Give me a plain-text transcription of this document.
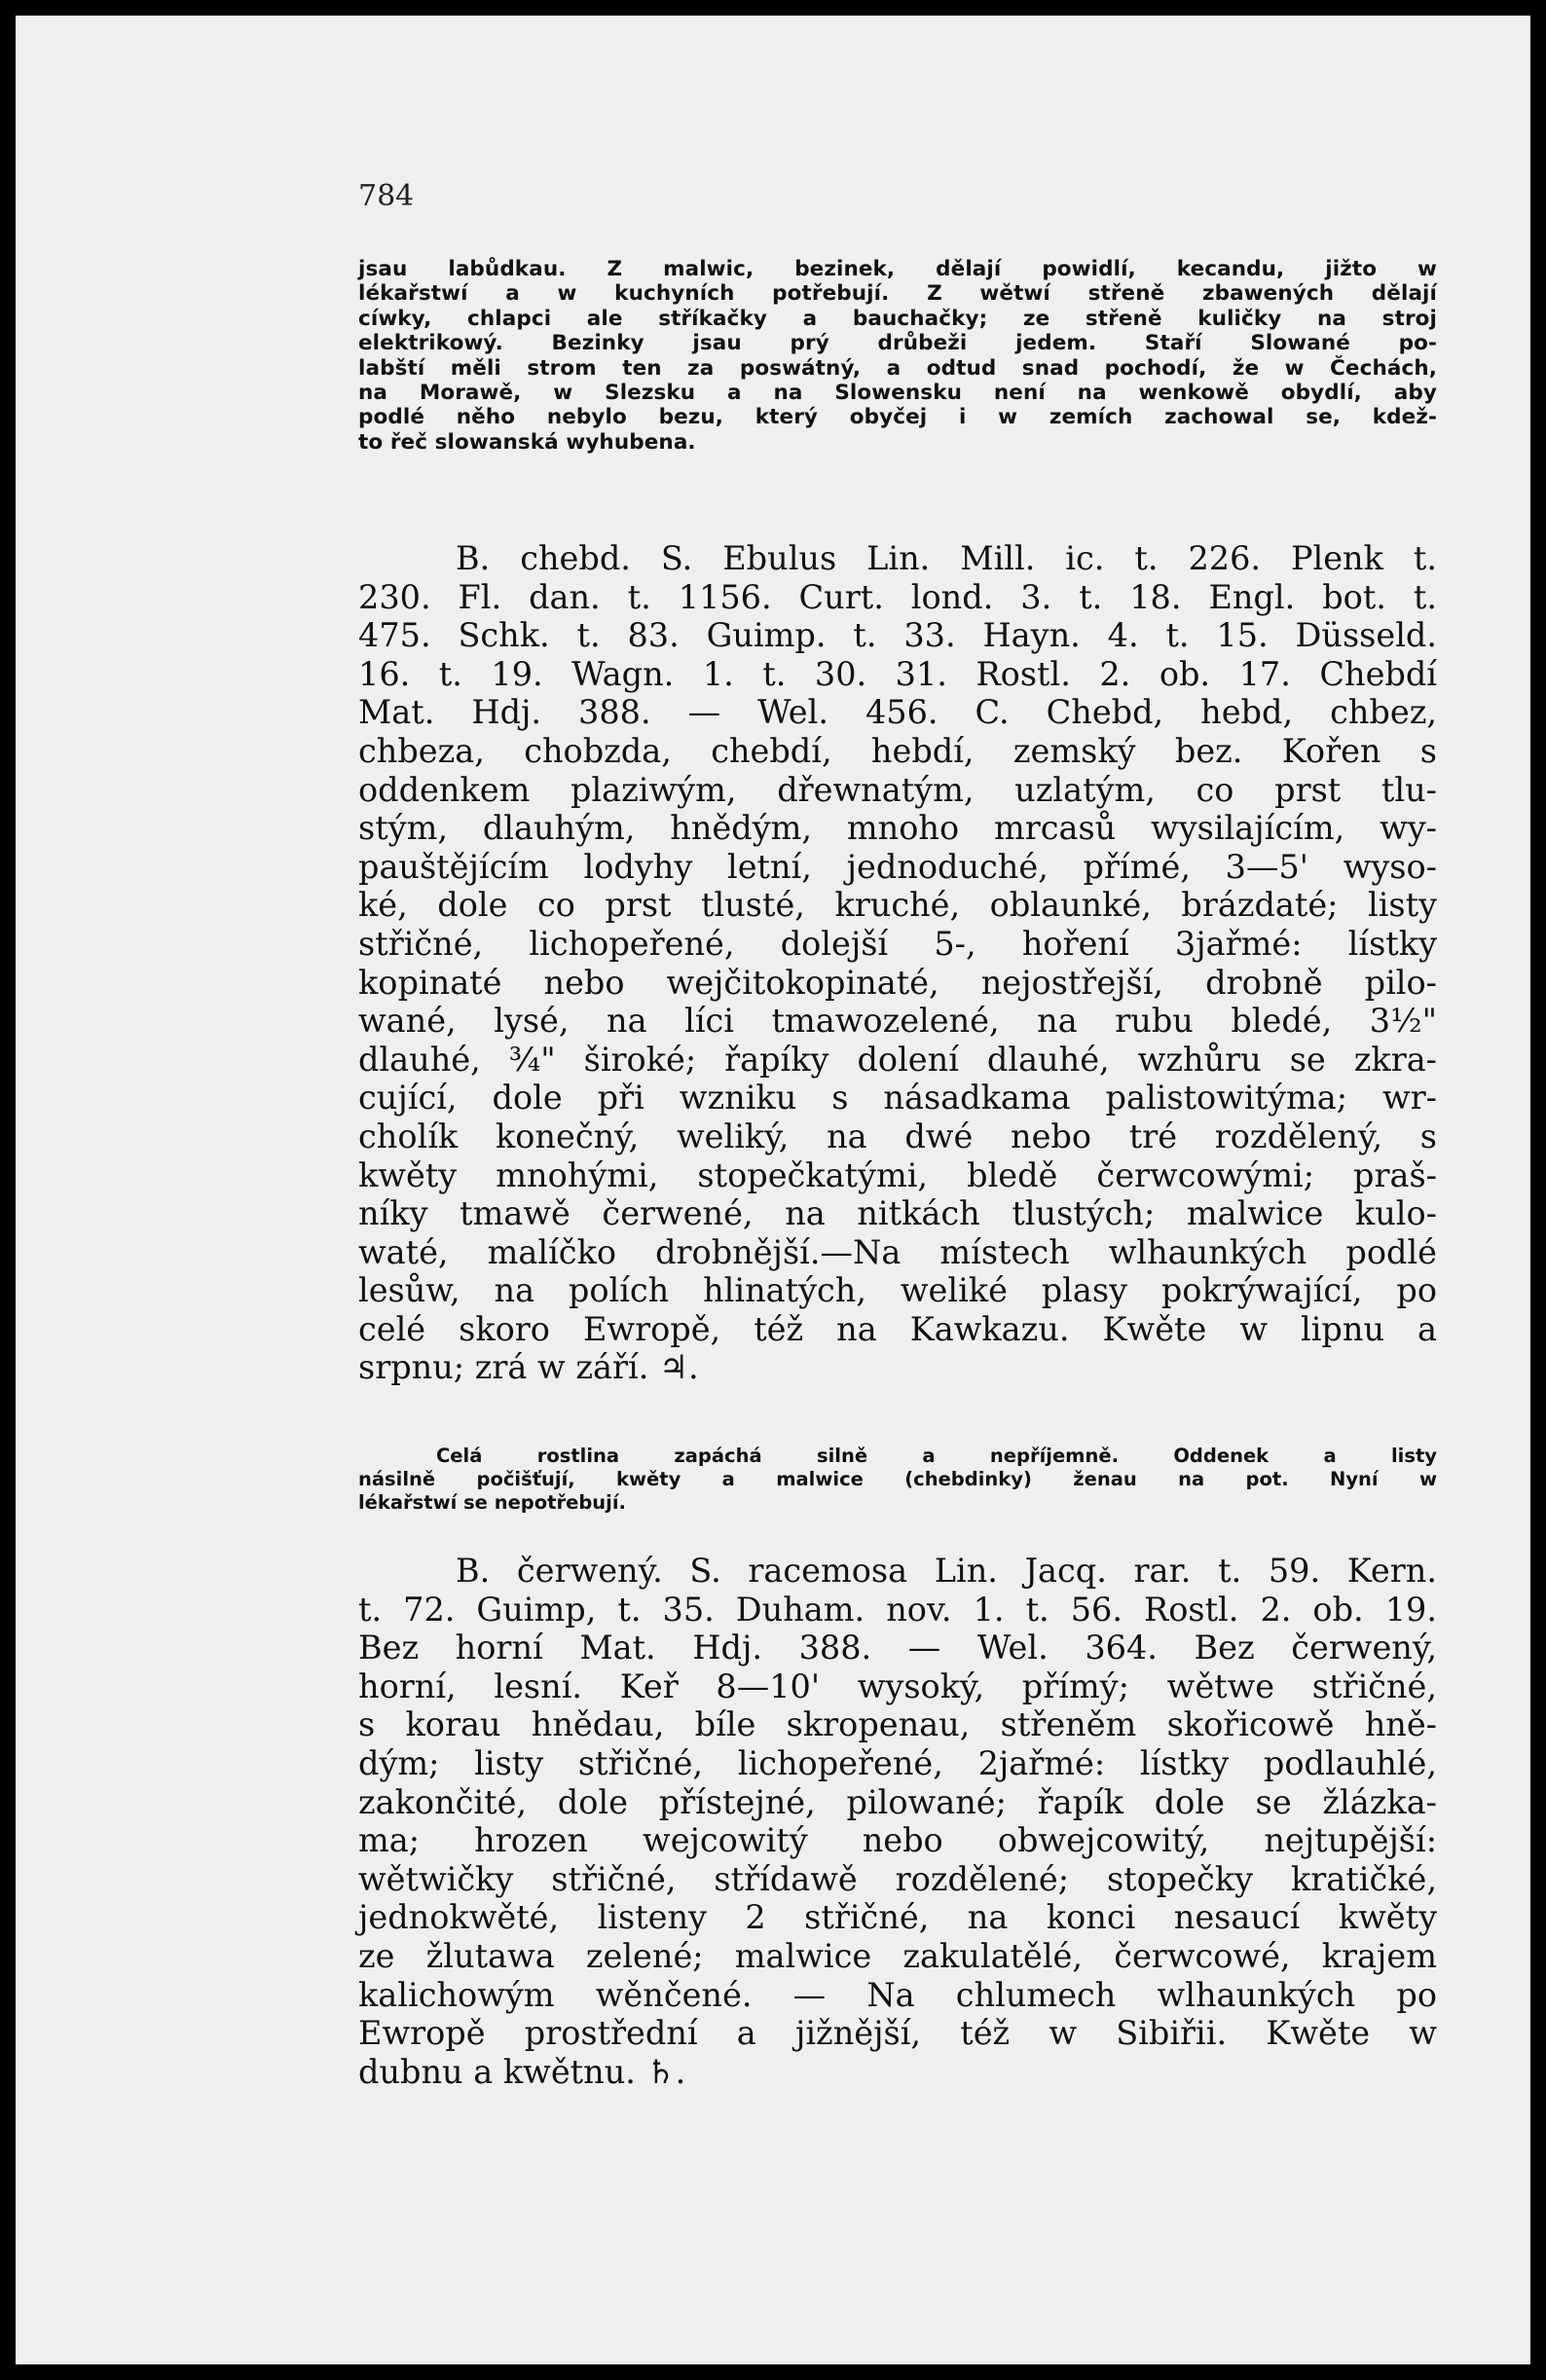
784

jsau labůdkau. Z malwic, bezinek, dělají powidlí, kecandu, jižto w

lékařstwí a w kuchyních potřebují. Z wětwí střeně zbawených dělají

cíwky, chlapci ale stříkačky a bauchačky; ze střeně kuličky na stroj

elektrikowý. Bezinky jsau prý drůbeži jedem. Staří Slowané po-

labští měli strom ten za poswátný, a odtud snad pochodí, že w Čechách,

na Morawě, w Slezsku a na Slowensku není na wenkowě obydlí, aby

podlé něho nebylo bezu, který obyčej i w zemích zachowal se, kdež-

to řeč slowanská wyhubena.

B. chebd. S. Ebulus Lin. Mill. ic. t. 226. Plenk t.

230. Fl. dan. t. 1156. Curt. lond. 3. t. 18. Engl. bot. t.

475. Schk. t. 83. Guimp. t. 33. Hayn. 4. t. 15. Düsseld.

16. t. 19. Wagn. 1. t. 30. 31. Rostl. 2. ob. 17. Chebdí

Mat. Hdj. 388. — Wel. 456. C. Chebd, hebd, chbez,

chbeza, chobzda, chebdí, hebdí, zemský bez. Kořen s

oddenkem plaziwým, dřewnatým, uzlatým, co prst tlu-

stým, dlauhým, hnědým, mnoho mrcasů wysilajícím, wy-

pauštějícím lodyhy letní, jednoduché, přímé, 3—5' wyso-

ké, dole co prst tlusté, kruché, oblaunké, brázdaté; listy

střičné, lichopeřené, dolejší 5-, hoření 3jařmé: lístky

kopinaté nebo wejčitokopinaté, nejostřejší, drobně pilo-

wané, lysé, na líci tmawozelené, na rubu bledé, 3½"

dlauhé, ¾" široké; řapíky dolení dlauhé, wzhůru se zkra-

cující, dole při wzniku s násadkama palistowitýma; wr-

cholík konečný, weliký, na dwé nebo tré rozdělený, s

kwěty mnohými, stopečkatými, bledě čerwcowými; praš-

níky tmawě čerwené, na nitkách tlustých; malwice kulo-

waté, malíčko drobnější.—Na místech wlhaunkých podlé

lesůw, na polích hlinatých, weliké plasy pokrýwající, po

celé skoro Ewropě, též na Kawkazu. Kwěte w lipnu a

srpnu; zrá w září. ♃.

Celá rostlina zapáchá silně a nepříjemně. Oddenek a listy

násilně počišťují, kwěty a malwice (chebdinky) ženau na pot. Nyní w

lékařstwí se nepotřebují.

B. čerwený. S. racemosa Lin. Jacq. rar. t. 59. Kern.

t. 72. Guimp, t. 35. Duham. nov. 1. t. 56. Rostl. 2. ob. 19.

Bez horní Mat. Hdj. 388. — Wel. 364. Bez čerwený,

horní, lesní. Keř 8—10' wysoký, přímý; wětwe střičné,

s korau hnědau, bíle skropenau, střeněm skořicowě hně-

dým; listy střičné, lichopeřené, 2jařmé: lístky podlauhlé,

zakončité, dole přístejné, pilowané; řapík dole se žlázka-

ma; hrozen wejcowitý nebo obwejcowitý, nejtupější:

wětwičky střičné, střídawě rozdělené; stopečky kratičké,

jednokwěté, listeny 2 střičné, na konci nesaucí kwěty

ze žlutawa zelené; malwice zakulatělé, čerwcowé, krajem

kalichowým wěnčené. — Na chlumech wlhaunkých po

Ewropě prostřední a jižnější, též w Sibiřii. Kwěte w

dubnu a kwětnu. ♄.
